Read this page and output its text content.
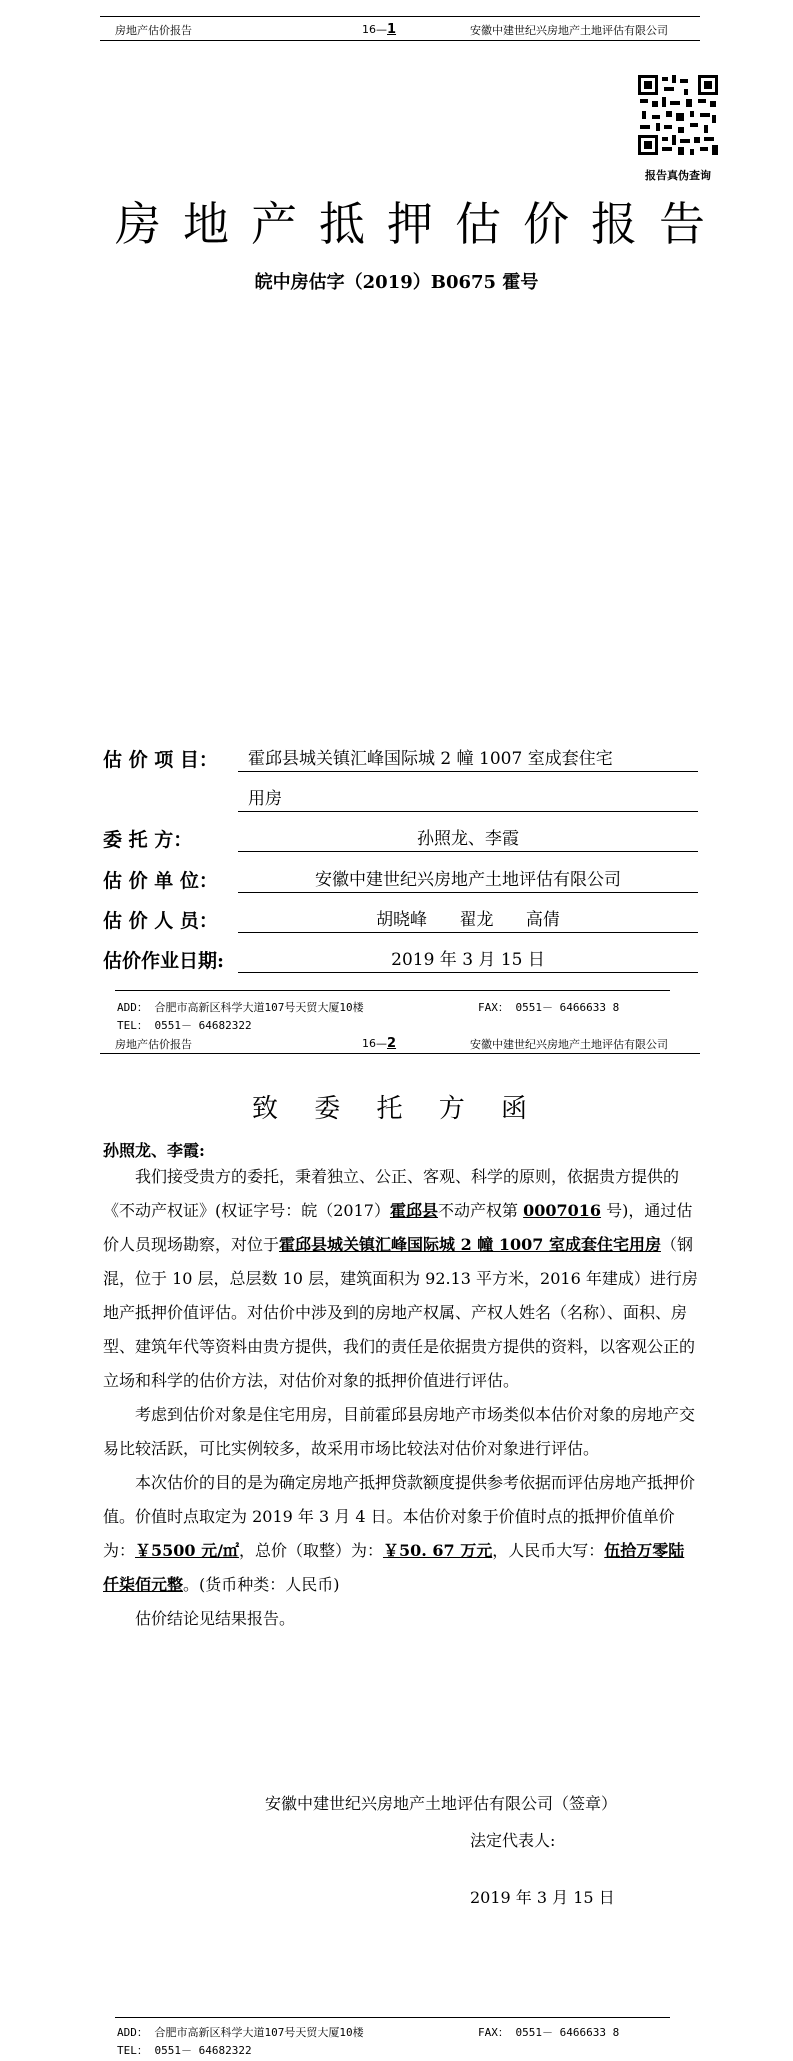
房地产估价报告	16—1	安徽中建世纪兴房地产土地评估有限公司
报告真伪查询
房地产抵押估价报告
皖中房估字（2019）B0675 霍号
估 价 项 目： 霍邱县城关镇汇峰国际城 2 幢 1007 室成套住宅
用房
委 托 方：	孙照龙、李霞
估 价 单 位：	安徽中建世纪兴房地产土地评估有限公司
估 价 人 员：	胡晓峰      翟龙      高倩
估价作业日期:	2019 年 3 月 15 日
ADD： 合肥市高新区科学大道107号天贸大厦10楼	FAX： 0551－ 6466633 8
TEL： 0551－ 64682322
房地产估价报告	16—2	安徽中建世纪兴房地产土地评估有限公司
致 委 托 方 函
孙照龙、李霞:
我们接受贵方的委托，秉着独立、公正、客观、科学的原则，依据贵方提供的《不动产权证》(权证字号：皖（2017）霍邱县不动产权第 0007016 号)，通过估价人员现场勘察，对位于霍邱县城关镇汇峰国际城 2 幢 1007 室成套住宅用房（钢混，位于 10 层，总层数 10 层，建筑面积为 92.13 平方米，2016 年建成）进行房地产抵押价值评估。对估价中涉及到的房地产权属、产权人姓名（名称）、面积、房型、建筑年代等资料由贵方提供，我们的责任是依据贵方提供的资料，以客观公正的立场和科学的估价方法，对估价对象的抵押价值进行评估。
考虑到估价对象是住宅用房，目前霍邱县房地产市场类似本估价对象的房地产交易比较活跃，可比实例较多，故采用市场比较法对估价对象进行评估。
本次估价的目的是为确定房地产抵押贷款额度提供参考依据而评估房地产抵押价值。价值时点取定为 2019 年 3 月 4 日。本估价对象于价值时点的抵押价值单价为：￥5500 元/㎡，总价（取整）为：￥50. 67 万元，人民币大写：伍拾万零陆仟柒佰元整。(货币种类：人民币)
估价结论见结果报告。
安徽中建世纪兴房地产土地评估有限公司（签章）
法定代表人:
2019 年 3 月 15 日
ADD： 合肥市高新区科学大道107号天贸大厦10楼	FAX： 0551－ 6466633 8
TEL： 0551－ 64682322
